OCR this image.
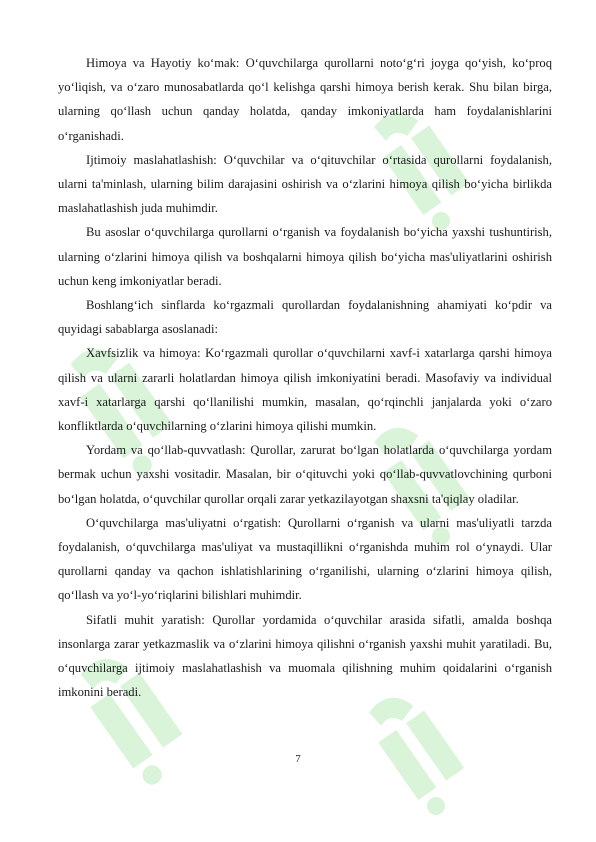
Himoya va Hayotiy ko‘mak: O‘quvchilarga qurollarni noto‘g‘ri joyga qo‘yish, ko‘proq yo‘liqish, va o‘zaro munosabatlarda qo‘l kelishga qarshi himoya berish kerak. Shu bilan birga, ularning qo‘llash uchun qanday holatda, qanday imkoniyatlarda ham foydalanishlarini o‘rganishadi.

Ijtimoiy maslahatlashish: O‘quvchilar va o‘qituvchilar o‘rtasida qurollarni foydalanish, ularni ta'minlash, ularning bilim darajasini oshirish va o‘zlarini himoya qilish bo‘yicha birlikda maslahatlashish juda muhimdir.

Bu asoslar o‘quvchilarga qurollarni o‘rganish va foydalanish bo‘yicha yaxshi tushuntirish, ularning o‘zlarini himoya qilish va boshqalarni himoya qilish bo‘yicha mas'uliyatlarini oshirish uchun keng imkoniyatlar beradi.

Boshlang‘ich sinflarda ko‘rgazmali qurollardan foydalanishning ahamiyati ko‘pdir va quyidagi sabablarga asoslanadi:

Xavfsizlik va himoya: Ko‘rgazmali qurollar o‘quvchilarni xavf-i xatarlarga qarshi himoya qilish va ularni zararli holatlardan himoya qilish imkoniyatini beradi. Masofaviy va individual xavf-i xatarlarga qarshi qo‘llanilishi mumkin, masalan, qo‘rqinchli janjalarda yoki o‘zaro konfliktlarda o‘quvchilarning o‘zlarini himoya qilishi mumkin.

Yordam va qo‘llab-quvvatlash: Qurollar, zarurat bo‘lgan holatlarda o‘quvchilarga yordam bermak uchun yaxshi vositadir. Masalan, bir o‘qituvchi yoki qo‘llab-quvvatlovchining qurboni bo‘lgan holatda, o‘quvchilar qurollar orqali zarar yetkazilayotgan shaxsni ta'qiqlay oladilar.

O‘quvchilarga mas'uliyatni o‘rgatish: Qurollarni o‘rganish va ularni mas'uliyatli tarzda foydalanish, o‘quvchilarga mas'uliyat va mustaqillikni o‘rganishda muhim rol o‘ynaydi. Ular qurollarni qanday va qachon ishlatishlarining o‘rganilishi, ularning o‘zlarini himoya qilish, qo‘llash va yo‘l-yo‘riqlarini bilishlari muhimdir.

Sifatli muhit yaratish: Qurollar yordamida o‘quvchilar arasida sifatli, amalda boshqa insonlarga zarar yetkazmaslik va o‘zlarini himoya qilishni o‘rganish yaxshi muhit yaratiladi. Bu, o‘quvchilarga ijtimoiy maslahatlashish va muomala qilishning muhim qoidalarini o‘rganish imkonini beradi.

7
